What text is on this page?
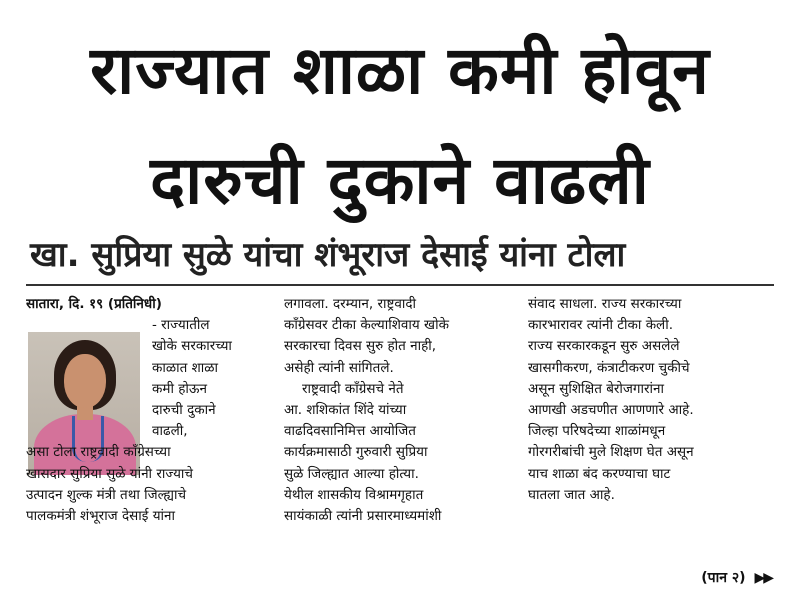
राज्यात शाळा कमी होवून
दारुची दुकाने वाढली
खा. सुप्रिया सुळे यांचा शंभूराज देसाई यांना टोला
सातारा, दि. १९ (प्रतिनिधी)
- राज्यातील
खोके सरकारच्या
काळात शाळा
कमी होऊन
दारुची दुकाने
वाढली,
असा टोला राष्ट्रवादी काँग्रेसच्या
खासदार सुप्रिया सुळे यांनी राज्याचे
उत्पादन शुल्क मंत्री तथा जिल्ह्याचे
पालकमंत्री शंभूराज देसाई यांना
लगावला. दरम्यान, राष्ट्रवादी
काँग्रेसवर टीका केल्याशिवाय खोके
सरकारचा दिवस सुरु होत नाही,
असेही त्यांनी सांगितले.
राष्ट्रवादी काँग्रेसचे नेते
आ. शशिकांत शिंदे यांच्या
वाढदिवसानिमित्त आयोजित
कार्यक्रमासाठी गुरुवारी सुप्रिया
सुळे जिल्ह्यात आल्या होत्या.
येथील शासकीय विश्रामगृहात
सायंकाळी त्यांनी प्रसारमाध्यमांशी
संवाद साधला. राज्य सरकारच्या
कारभारावर त्यांनी टीका केली.
राज्य सरकारकडून सुरु असलेले
खासगीकरण, कंत्राटीकरण चुकीचे
असून सुशिक्षित बेरोजगारांना
आणखी अडचणीत आणणारे आहे.
जिल्हा परिषदेच्या शाळांमधून
गोरगरीबांची मुले शिक्षण घेत असून
याच शाळा बंद करण्याचा घाट
घातला जात आहे.
(पान २) ▶▶
